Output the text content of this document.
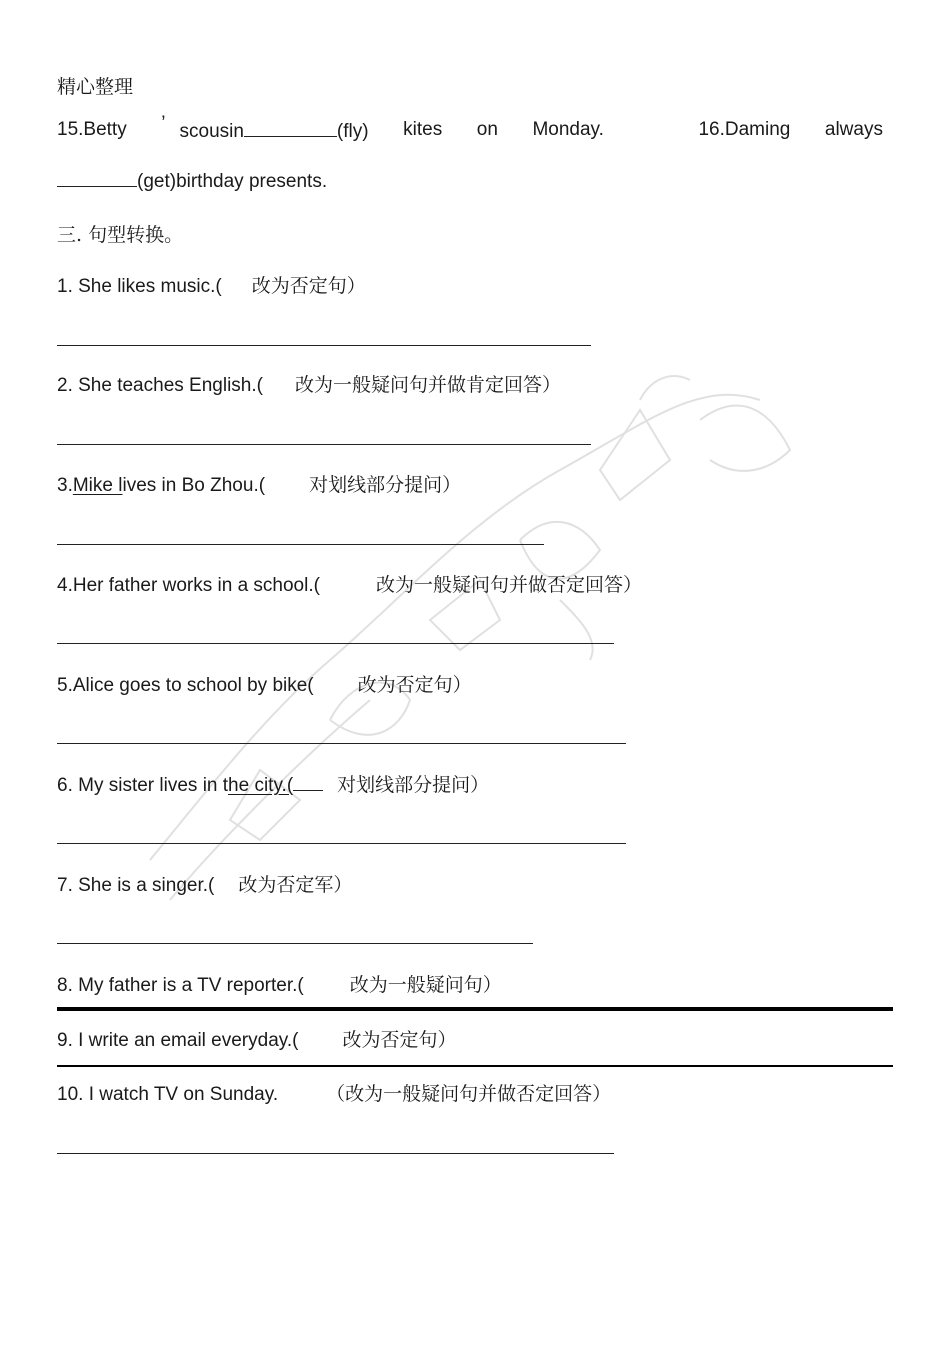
精心整理
15.Betty ’ scousin	(fly) kites on Monday.	16.Daming always
(get)birthday presents.
三. 句型转换。
1. She likes music.( 改为否定句）
2. She teaches English.( 改为一般疑问句并做肯定回答）
3.Mike lives in Bo Zhou.( 对划线部分提问）
4.Her father works in a school.(	改为一般疑问句并做否定回答）
5.Alice goes to school by bike( 改为否定句）
6. My sister lives in the city.( 对划线部分提问）
7. She is a singer.( 改为否定军）
8. My father is a TV reporter.( 改为一般疑问句）
9. I write an email everyday.( 改为否定句）
10. I watch TV on Sunday.	（改为一般疑问句并做否定回答）
